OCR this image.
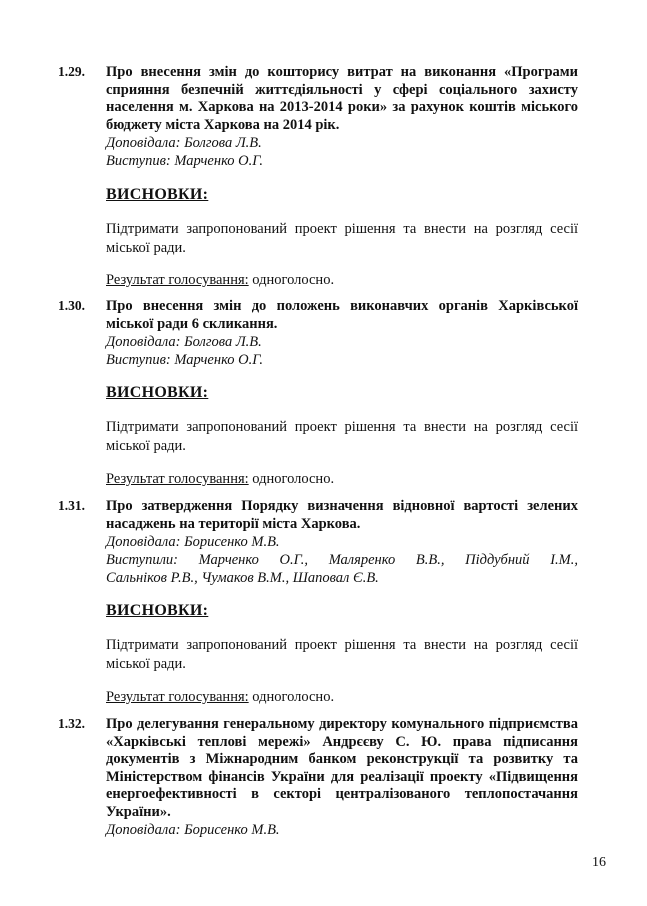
1.29. Про внесення змін до кошторису витрат на виконання «Програми сприяння безпечній життєдіяльності у сфері соціального захисту населення м. Харкова на 2013-2014 роки» за рахунок коштів міського бюджету міста Харкова на 2014 рік.
Доповідала: Болгова Л.В.
Виступив: Марченко О.Г.
ВИСНОВКИ:
Підтримати запропонований проект рішення та внести на розгляд сесії міської ради.
Результат голосування: одноголосно.
1.30. Про внесення змін до положень виконавчих органів Харківської міської ради 6 скликання.
Доповідала: Болгова Л.В.
Виступив: Марченко О.Г.
ВИСНОВКИ:
Підтримати запропонований проект рішення та внести на розгляд сесії міської ради.
Результат голосування: одноголосно.
1.31. Про затвердження Порядку визначення відновної вартості зелених насаджень на території міста Харкова.
Доповідала: Борисенко М.В.
Виступили: Марченко О.Г., Маляренко В.В., Піддубний І.М.,
Сальніков Р.В., Чумаков В.М., Шаповал Є.В.
ВИСНОВКИ:
Підтримати запропонований проект рішення та внести на розгляд сесії міської ради.
Результат голосування: одноголосно.
1.32. Про делегування генеральному директору комунального підприємства «Харківські теплові мережі» Андрєєву С. Ю. права підписання документів з Міжнародним банком реконструкції та розвитку та Міністерством фінансів України для реалізації проекту «Підвищення енергоефективності в секторі централізованого теплопостачання України».
Доповідала: Борисенко М.В.
16
